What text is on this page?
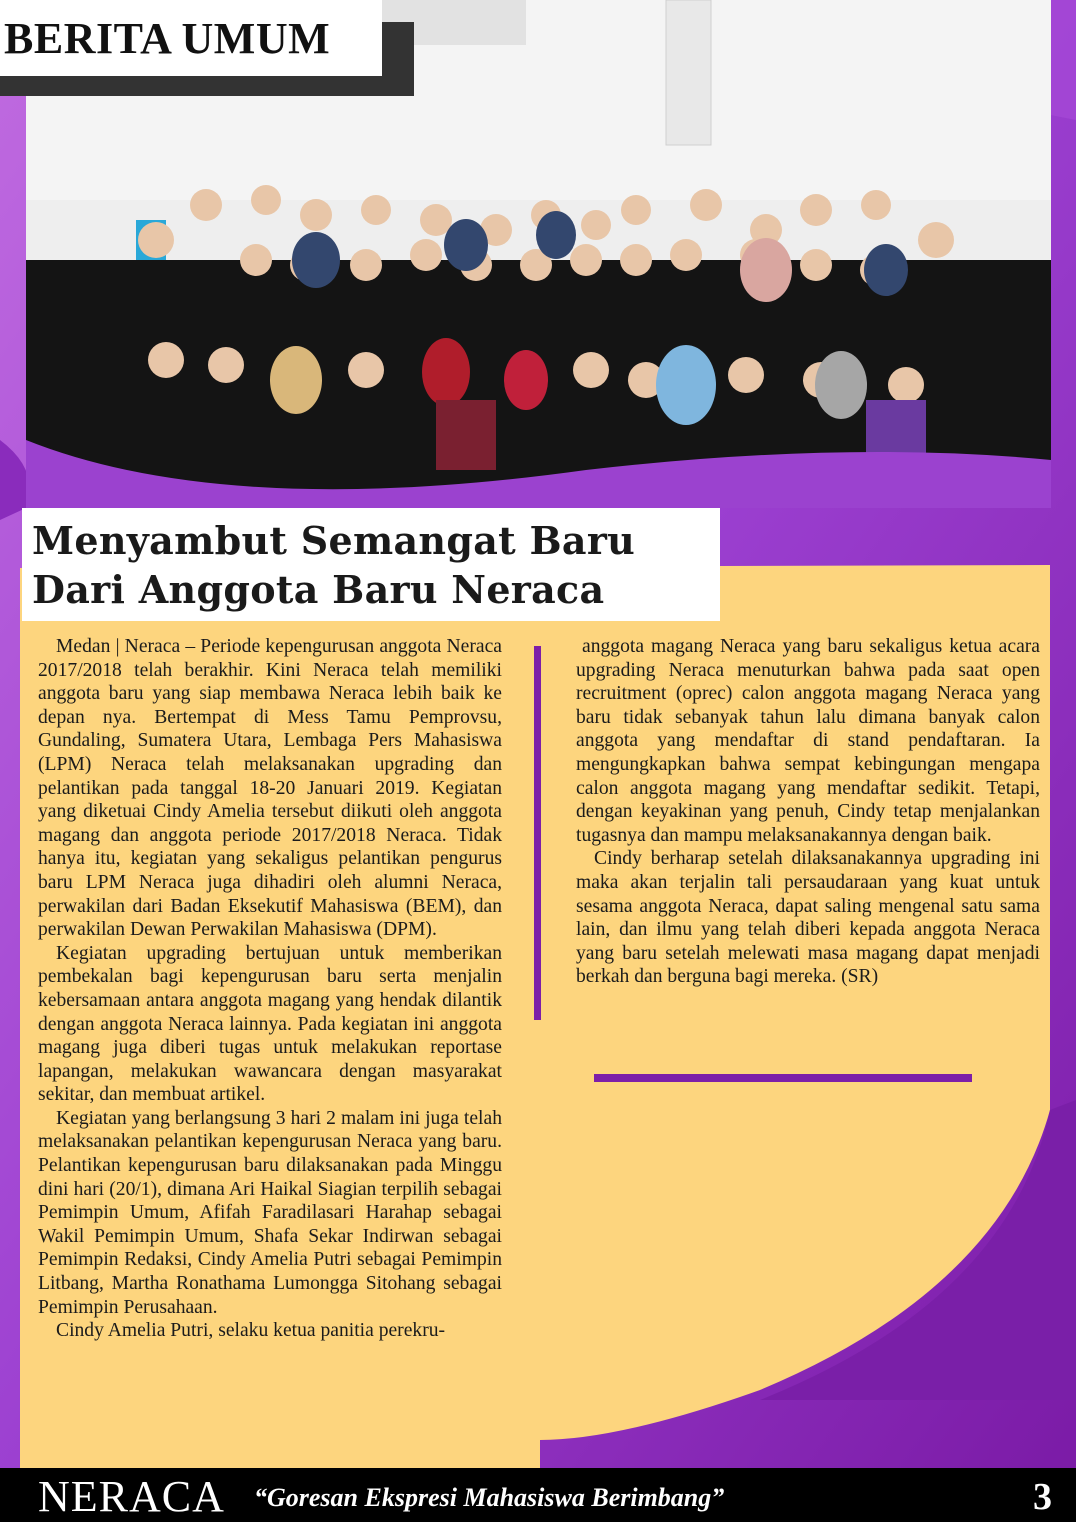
BERITA UMUM
Menyambut Semangat Baru
Dari Anggota Baru Neraca

Medan | Neraca – Periode kepengurusan anggota Neraca 2017/2018 telah berakhir. Kini Neraca telah memiliki anggota baru yang siap membawa Neraca lebih baik ke depan nya. Bertempat di Mess Tamu Pemprovsu, Gundaling, Sumatera Utara, Lembaga Pers Mahasiswa (LPM) Neraca telah melaksanakan upgrading dan pelantikan pada tanggal 18-20 Januari 2019. Kegiatan yang diketuai Cindy Amelia tersebut diikuti oleh anggota magang dan anggota periode 2017/2018 Neraca. Tidak hanya itu, kegiatan yang sekaligus pelantikan pengurus baru LPM Neraca juga dihadiri oleh alumni Neraca, perwakilan dari Badan Eksekutif Mahasiswa (BEM), dan perwakilan Dewan Perwakilan Mahasiswa (DPM).

Kegiatan upgrading bertujuan untuk memberikan pembekalan bagi kepengurusan baru serta menjalin kebersamaan antara anggota magang yang hendak dilantik dengan anggota Neraca lainnya. Pada kegiatan ini anggota magang juga diberi tugas untuk melakukan reportase lapangan, melakukan wawancara dengan masyarakat sekitar, dan membuat artikel.

Kegiatan yang berlangsung 3 hari 2 malam ini juga telah melaksanakan pelantikan kepengurusan Neraca yang baru. Pelantikan kepengurusan baru dilaksanakan pada Minggu dini hari (20/1), dimana Ari Haikal Siagian terpilih sebagai Pemimpin Umum, Afifah Faradilasari Harahap sebagai Wakil Pemimpin Umum, Shafa Sekar Indirwan sebagai Pemimpin Redaksi, Cindy Amelia Putri sebagai Pemimpin Litbang, Martha Ronathama Lumongga Sitohang sebagai Pemimpin Perusahaan.

Cindy Amelia Putri, selaku ketua panitia perekru-

anggota magang Neraca yang baru sekaligus ketua acara upgrading Neraca menuturkan bahwa pada saat open recruitment (oprec) calon anggota magang Neraca yang baru tidak sebanyak tahun lalu dimana banyak calon anggota yang mendaftar di stand pendaftaran. Ia mengungkapkan bahwa sempat kebingungan mengapa calon anggota magang yang mendaftar sedikit. Tetapi, dengan keyakinan yang penuh, Cindy tetap menjalankan tugasnya dan mampu melaksanakannya dengan baik.

Cindy berharap setelah dilaksanakannya upgrading ini maka akan terjalin tali persaudaraan yang kuat untuk sesama anggota Neraca, dapat saling mengenal satu sama lain, dan ilmu yang telah diberi kepada anggota Neraca yang baru setelah melewati masa magang dapat menjadi berkah dan berguna bagi mereka. (SR)

NERACA “Goresan Ekspresi Mahasiswa Berimbang”	3
